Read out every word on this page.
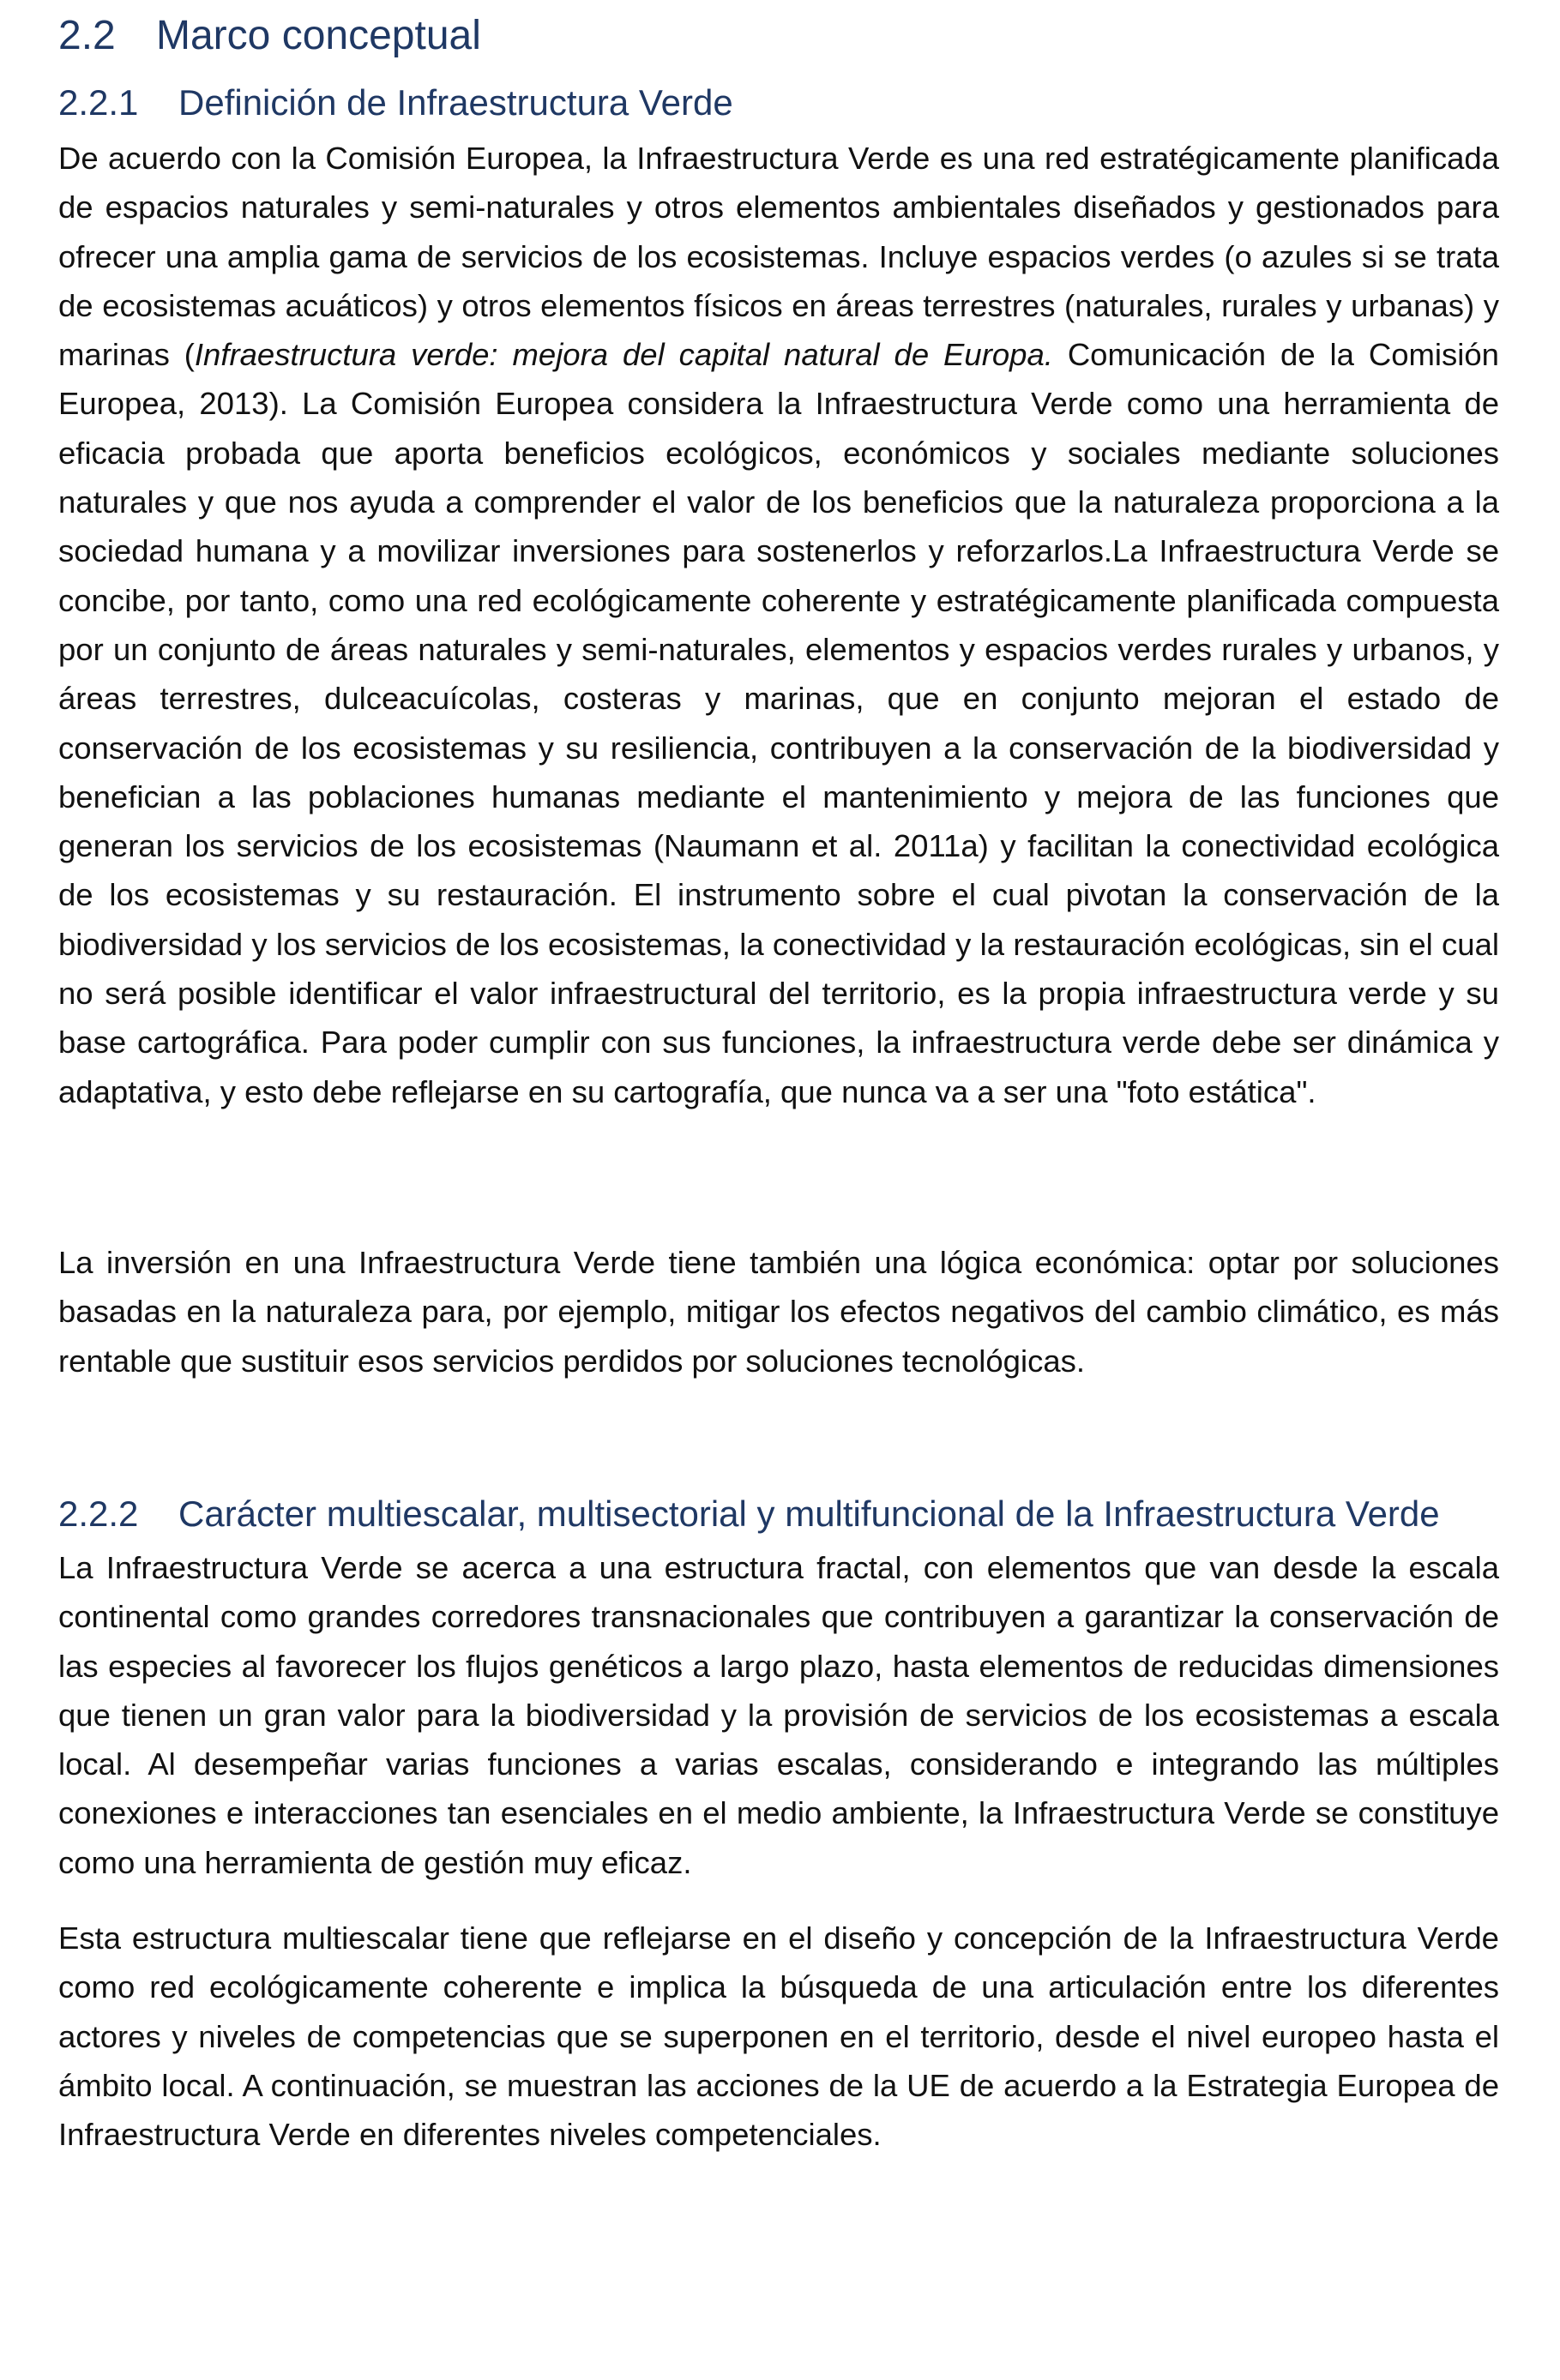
2.2 Marco conceptual
2.2.1 Definición de Infraestructura Verde

De acuerdo con la Comisión Europea, la Infraestructura Verde es una red estratégicamente planificada de espacios naturales y semi-naturales y otros elementos ambientales diseñados y gestionados para ofrecer una amplia gama de servicios de los ecosistemas. Incluye espacios verdes (o azules si se trata de ecosistemas acuáticos) y otros elementos físicos en áreas terrestres (naturales, rurales y urbanas) y marinas (Infraestructura verde: mejora del capital natural de Europa. Comunicación de la Comisión Europea, 2013). La Comisión Europea considera la Infraestructura Verde como una herramienta de eficacia probada que aporta beneficios ecológicos, económicos y sociales mediante soluciones naturales y que nos ayuda a comprender el valor de los beneficios que la naturaleza proporciona a la sociedad humana y a movilizar inversiones para sostenerlos y reforzarlos.La Infraestructura Verde se concibe, por tanto, como una red ecológicamente coherente y estratégicamente planificada compuesta por un conjunto de áreas naturales y semi-naturales, elementos y espacios verdes rurales y urbanos, y áreas terrestres, dulceacuícolas, costeras y marinas, que en conjunto mejoran el estado de conservación de los ecosistemas y su resiliencia, contribuyen a la conservación de la biodiversidad y benefician a las poblaciones humanas mediante el mantenimiento y mejora de las funciones que generan los servicios de los ecosistemas (Naumann et al. 2011a) y facilitan la conectividad ecológica de los ecosistemas y su restauración. El instrumento sobre el cual pivotan la conservación de la biodiversidad y los servicios de los ecosistemas, la conectividad y la restauración ecológicas, sin el cual no será posible identificar el valor infraestructural del territorio, es la propia infraestructura verde y su base cartográfica. Para poder cumplir con sus funciones, la infraestructura verde debe ser dinámica y adaptativa, y esto debe reflejarse en su cartografía, que nunca va a ser una "foto estática".

La inversión en una Infraestructura Verde tiene también una lógica económica: optar por soluciones basadas en la naturaleza para, por ejemplo, mitigar los efectos negativos del cambio climático, es más rentable que sustituir esos servicios perdidos por soluciones tecnológicas.

2.2.2 Carácter multiescalar, multisectorial y multifuncional de la Infraestructura Verde

La Infraestructura Verde se acerca a una estructura fractal, con elementos que van desde la escala continental como grandes corredores transnacionales que contribuyen a garantizar la conservación de las especies al favorecer los flujos genéticos a largo plazo, hasta elementos de reducidas dimensiones que tienen un gran valor para la biodiversidad y la provisión de servicios de los ecosistemas a escala local. Al desempeñar varias funciones a varias escalas, considerando e integrando las múltiples conexiones e interacciones tan esenciales en el medio ambiente, la Infraestructura Verde se constituye como una herramienta de gestión muy eficaz.

Esta estructura multiescalar tiene que reflejarse en el diseño y concepción de la Infraestructura Verde como red ecológicamente coherente e implica la búsqueda de una articulación entre los diferentes actores y niveles de competencias que se superponen en el territorio, desde el nivel europeo hasta el ámbito local. A continuación, se muestran las acciones de la UE de acuerdo a la Estrategia Europea de Infraestructura Verde en diferentes niveles competenciales.
